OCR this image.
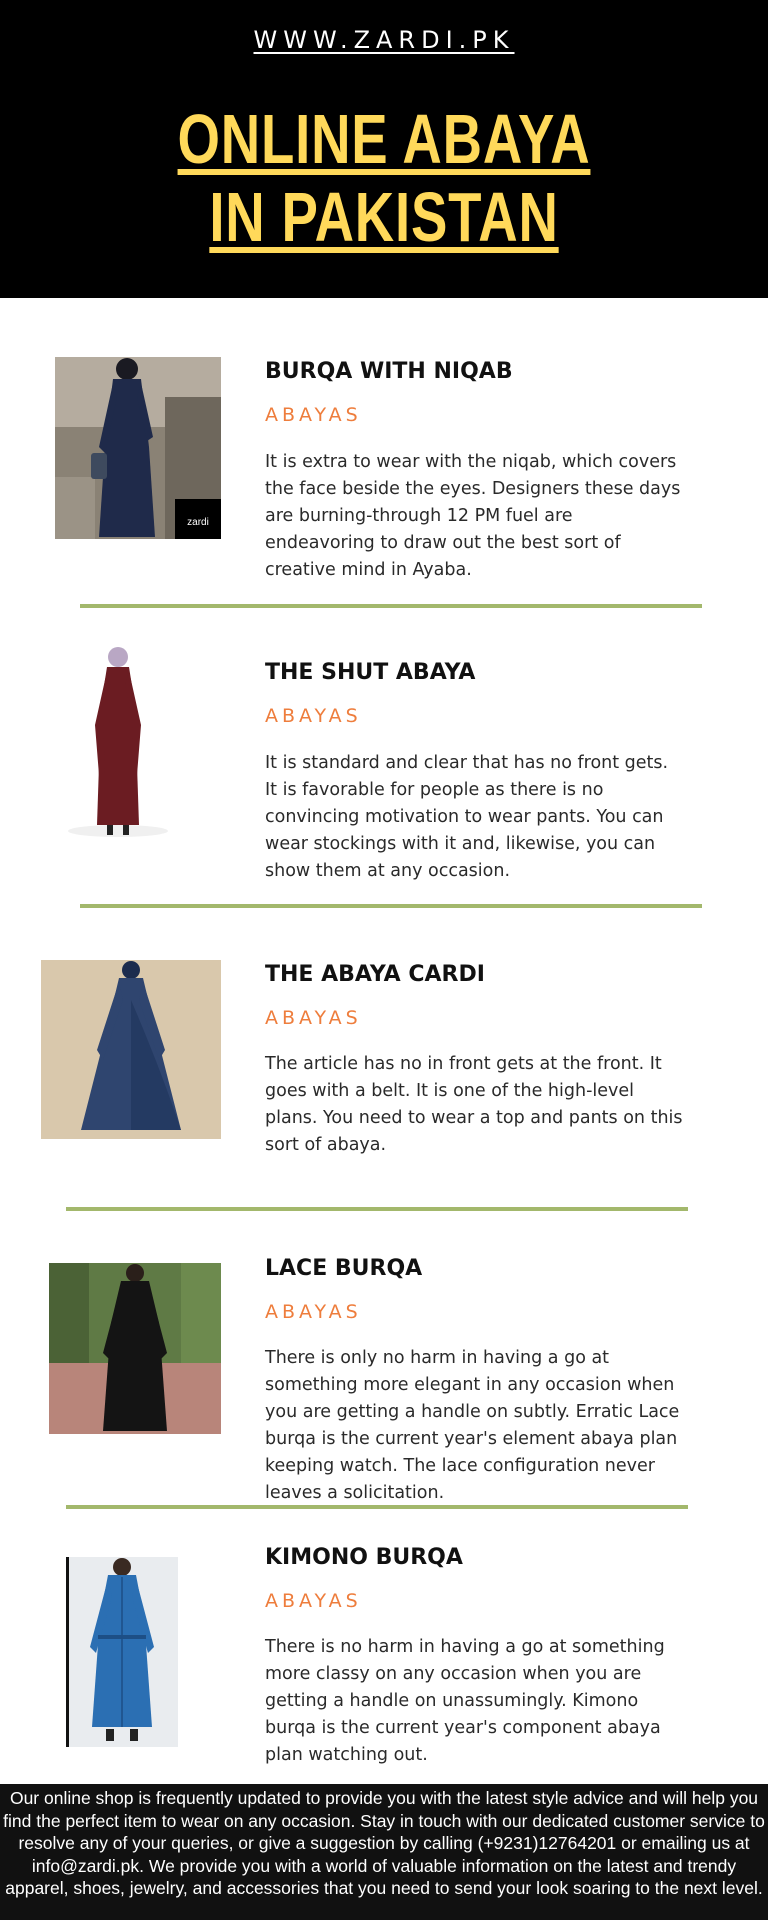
WWW.ZARDI.PK
ONLINE ABAYA IN PAKISTAN
zardi
BURQA WITH NIQAB
ABAYAS
It is extra to wear with the niqab, which covers the face beside the eyes. Designers these days are burning-through 12 PM fuel are endeavoring to draw out the best sort of creative mind in Ayaba.
THE SHUT ABAYA
ABAYAS
It is standard and clear that has no front gets. It is favorable for people as there is no convincing motivation to wear pants. You can wear stockings with it and, likewise, you can show them at any occasion.
THE ABAYA CARDI
ABAYAS
The article has no in front gets at the front. It goes with a belt. It is one of the high-level plans. You need to wear a top and pants on this sort of abaya.
LACE BURQA
ABAYAS
There is only no harm in having a go at something more elegant in any occasion when you are getting a handle on subtly. Erratic Lace burqa is the current year's element abaya plan keeping watch. The lace configuration never leaves a solicitation.
KIMONO BURQA
ABAYAS
There is no harm in having a go at something more classy on any occasion when you are getting a handle on unassumingly. Kimono burqa is the current year's component abaya plan watching out.
Our online shop is frequently updated to provide you with the latest style advice and will help you find the perfect item to wear on any occasion. Stay in touch with our dedicated customer service to resolve any of your queries, or give a suggestion by calling (+9231)12764201 or emailing us at info@zardi.pk. We provide you with a world of valuable information on the latest and trendy apparel, shoes, jewelry, and accessories that you need to send your look soaring to the next level.
